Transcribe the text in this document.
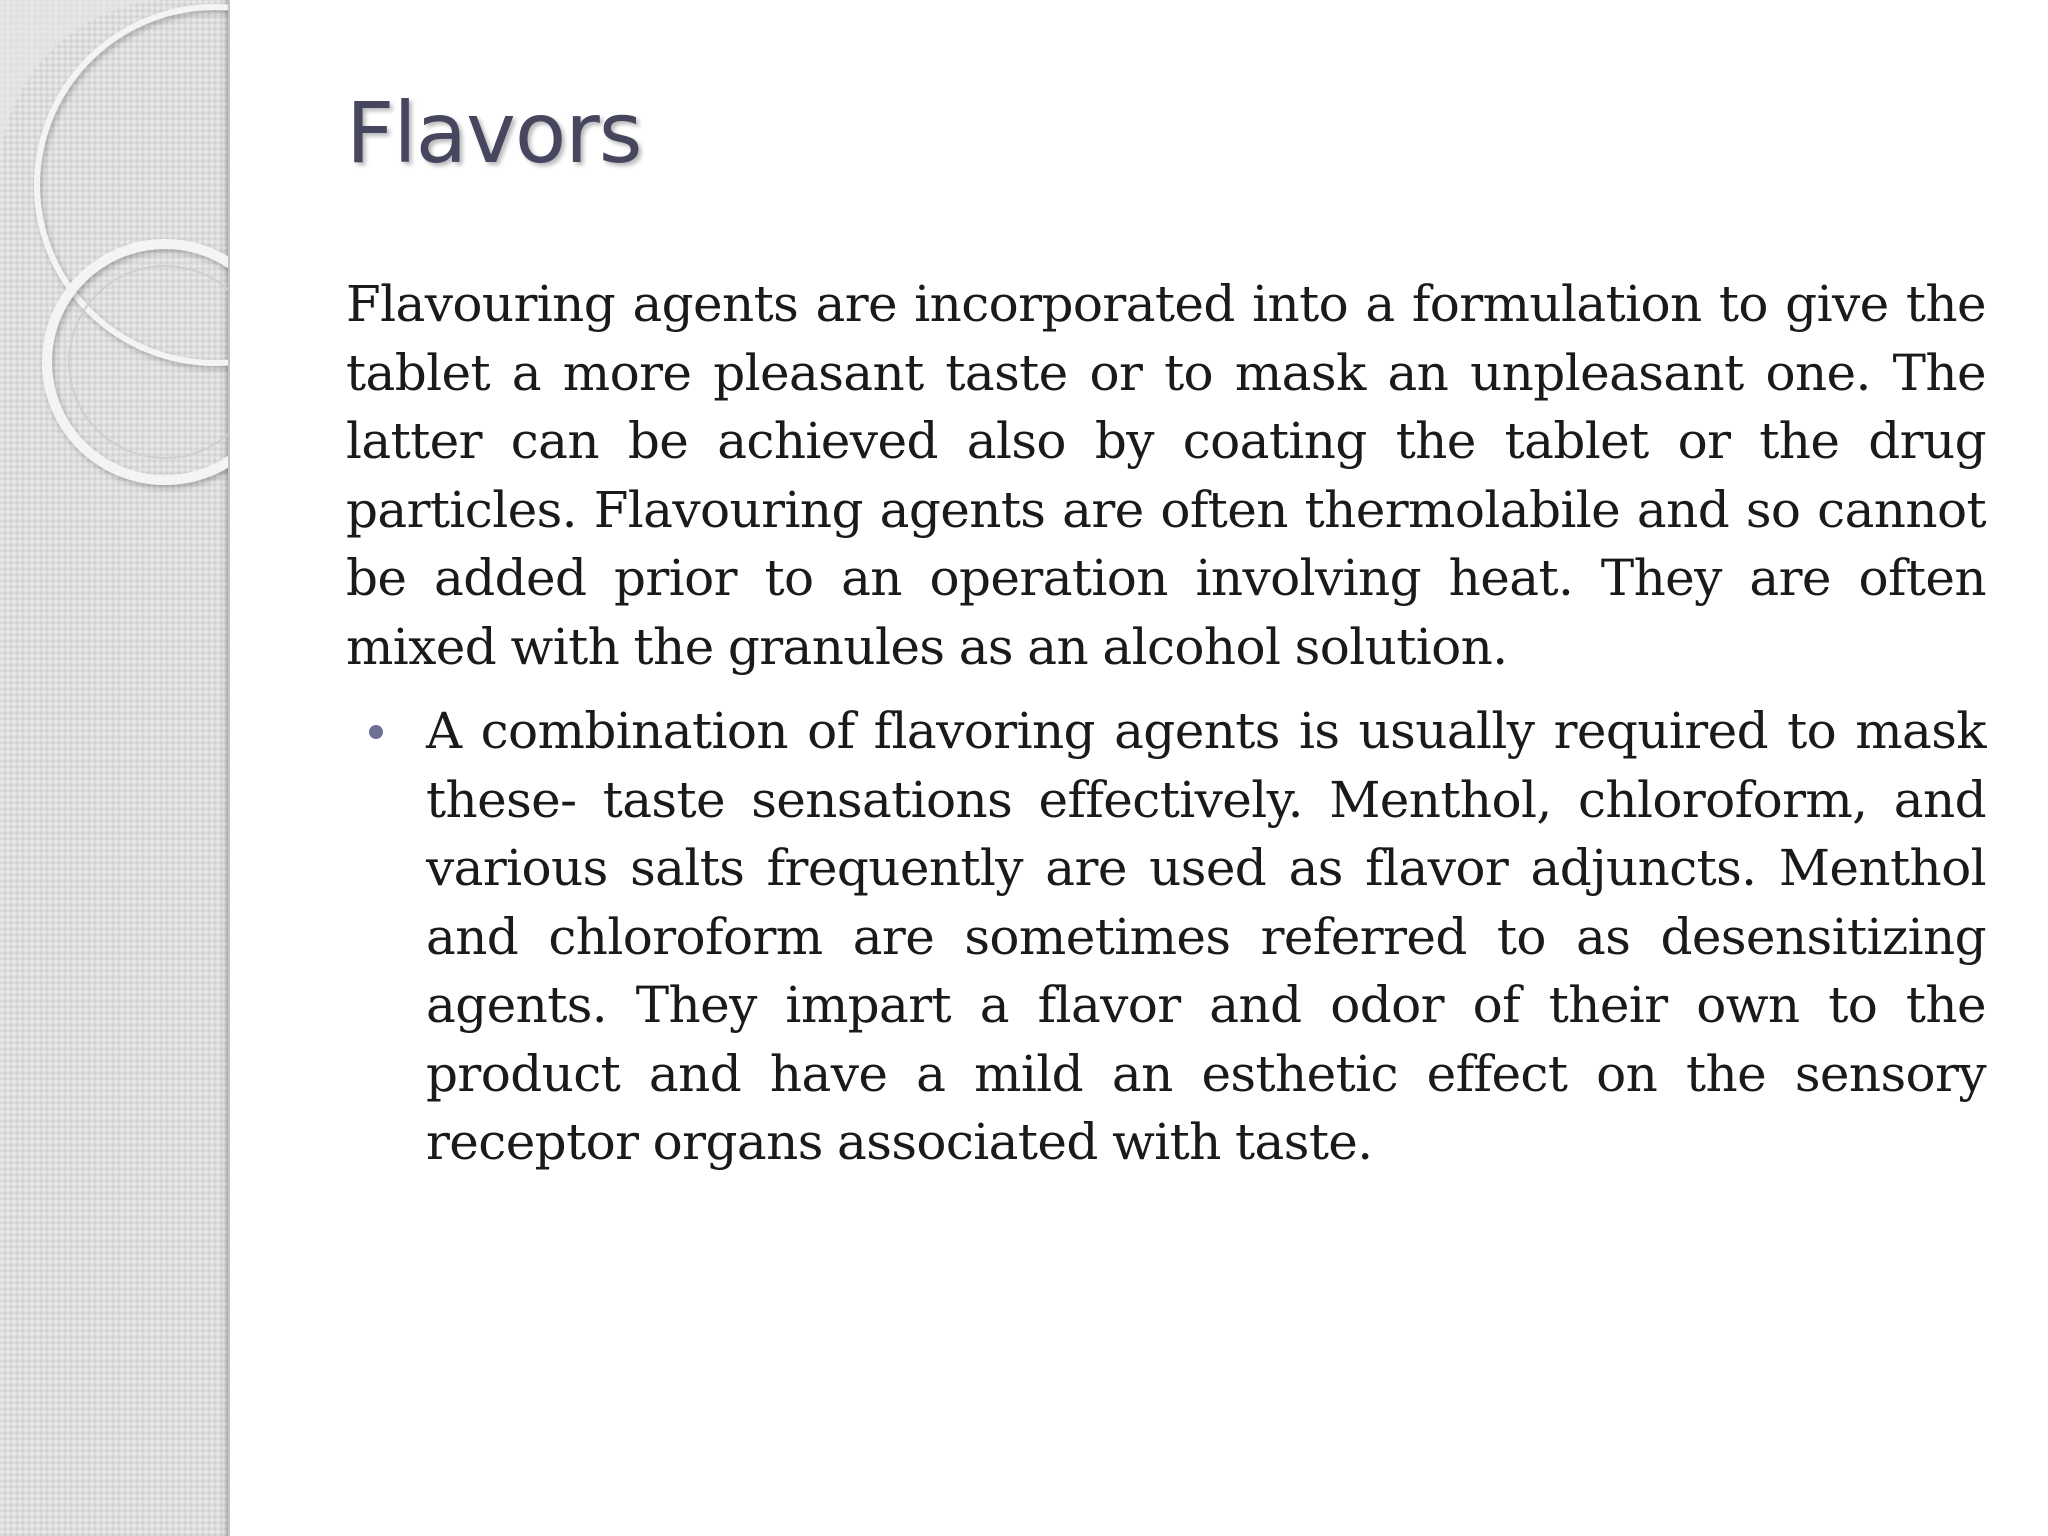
Flavors

Flavouring agents are incorporated into a formulation to give the tablet a more pleasant taste or to mask an unpleasant one. The latter can be achieved also by coating the tablet or the drug particles. Flavouring agents are often thermolabile and so cannot be added prior to an operation involving heat. They are often mixed with the granules as an alcohol solution.

A combination of flavoring agents is usually required to mask these- taste sensations effectively. Menthol, chloroform, and various salts frequently are used as flavor adjuncts. Menthol and chloroform are sometimes referred to as desensitizing agents. They impart a flavor and odor of their own to the product and have a mild an esthetic effect on the sensory receptor organs associated with taste.
